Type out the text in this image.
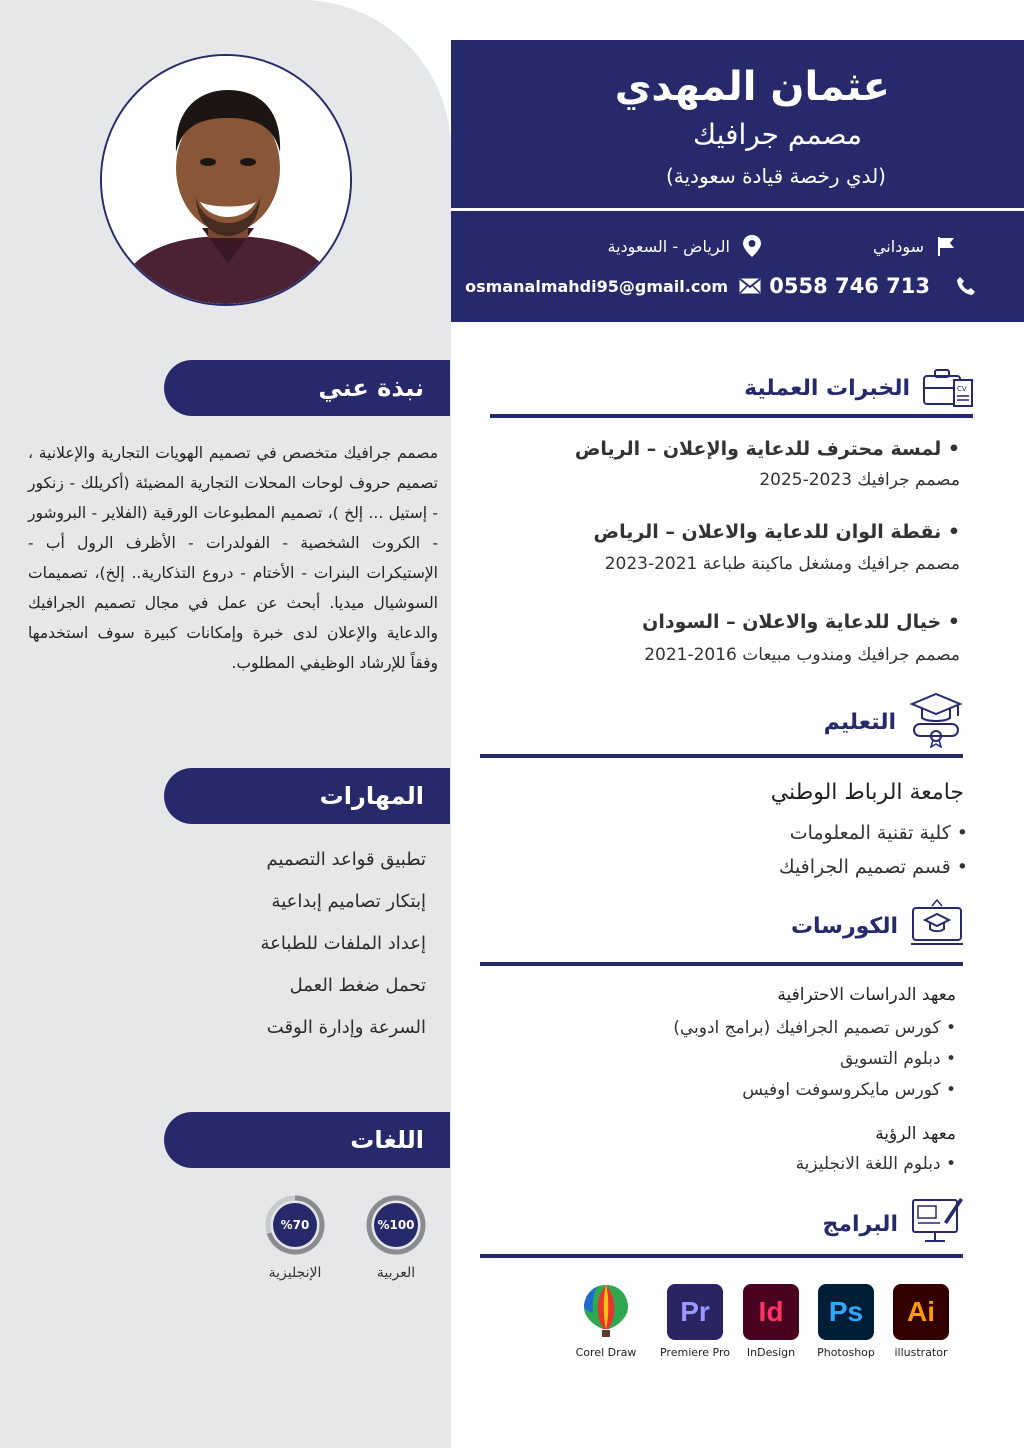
عثمان المهدي
مصمم جرافيك
(لدي رخصة قيادة سعودية)
سوداني
الرياض - السعودية
0558 746 713
osmanalmahdi95@gmail.com
نبذة عني
مصمم جرافيك متخصص في تصميم الهويات التجارية والإعلانية ، تصميم حروف لوحات المحلات التجارية المضيئة (أكريلك - زنكور - إستيل ... إلخ )، تصميم المطبوعات الورقية (الفلاير - البروشور - الكروت الشخصية - الفولدرات - الأظرف الرول أب - الإستيكرات البنرات - الأختام - دروع التذكارية.. إلخ)، تصميمات السوشيال ميديا. أبحث عن عمل في مجال تصميم الجرافيك والدعاية والإعلان لدى خبرة وإمكانات كبيرة سوف استخدمها وفقاً للإرشاد الوظيفي المطلوب.
المهارات
تطبيق قواعد التصميم
إبتكار تصاميم إبداعية
إعداد الملفات للطباعة
تحمل ضغط العمل
السرعة وإدارة الوقت
اللغات
%100
العربية
%70
الإنجليزية
CV
الخبرات العملية
• لمسة محترف للدعاية والإعلان – الرياض
مصمم جرافيك 2023-2025
• نقطة الوان للدعاية والاعلان – الرياض
مصمم جرافيك ومشغل ماكينة طباعة 2021-2023
• خيال للدعاية والاعلان – السودان
مصمم جرافيك ومندوب مبيعات 2016-2021
التعليم
جامعة الرباط الوطني
• كلية تقنية المعلومات
• قسم تصميم الجرافيك
الكورسات
معهد الدراسات الاحترافية
• كورس تصميم الجرافيك (برامج ادوبي)
• دبلوم التسويق
• كورس مايكروسوفت اوفيس
معهد الرؤية
• دبلوم اللغة الانجليزية
البرامج
Ai
illustrator
Ps
Photoshop
Id
InDesign
Pr
Premiere Pro
Corel Draw
